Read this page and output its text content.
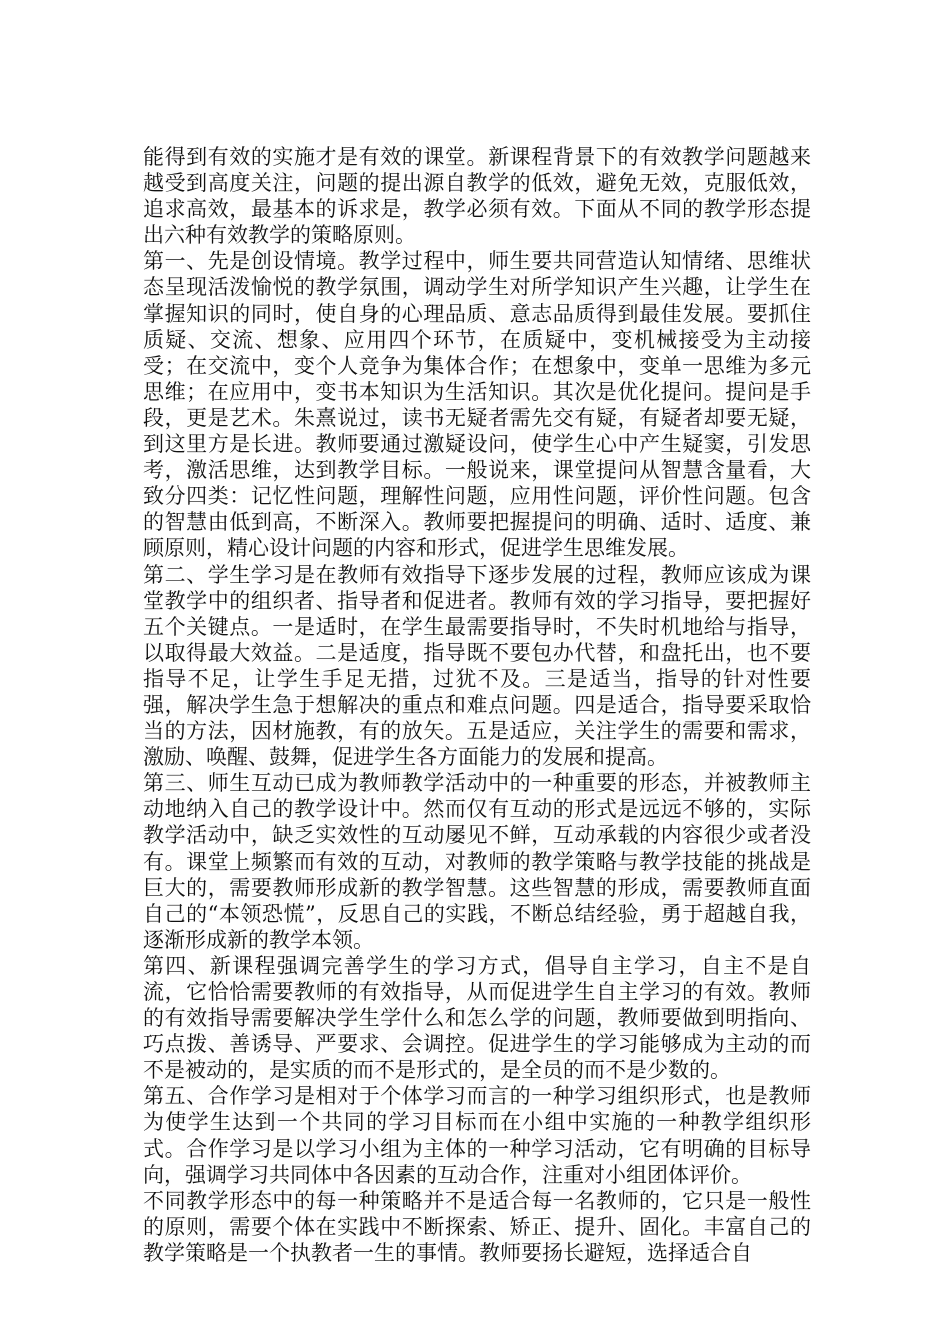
能得到有效的实施才是有效的课堂。新课程背景下的有效教学问题越来越受到高度关注，问题的提出源自教学的低效，避免无效，克服低效，追求高效，最基本的诉求是，教学必须有效。下面从不同的教学形态提出六种有效教学的策略原则。

第一、先是创设情境。教学过程中，师生要共同营造认知情绪、思维状态呈现活泼愉悦的教学氛围，调动学生对所学知识产生兴趣，让学生在掌握知识的同时，使自身的心理品质、意志品质得到最佳发展。要抓住质疑、交流、想象、应用四个环节，在质疑中，变机械接受为主动接受；在交流中，变个人竞争为集体合作；在想象中，变单一思维为多元思维；在应用中，变书本知识为生活知识。其次是优化提问。提问是手段，更是艺术。朱熹说过，读书无疑者需先交有疑，有疑者却要无疑，到这里方是长进。教师要通过激疑设问，使学生心中产生疑窦，引发思考，激活思维，达到教学目标。一般说来，课堂提问从智慧含量看，大致分四类：记忆性问题，理解性问题，应用性问题，评价性问题。包含的智慧由低到高，不断深入。教师要把握提问的明确、适时、适度、兼顾原则，精心设计问题的内容和形式，促进学生思维发展。

第二、学生学习是在教师有效指导下逐步发展的过程，教师应该成为课堂教学中的组织者、指导者和促进者。教师有效的学习指导，要把握好五个关键点。一是适时，在学生最需要指导时，不失时机地给与指导，以取得最大效益。二是适度，指导既不要包办代替，和盘托出，也不要指导不足，让学生手足无措，过犹不及。三是适当，指导的针对性要强，解决学生急于想解决的重点和难点问题。四是适合，指导要采取恰当的方法，因材施教，有的放矢。五是适应，关注学生的需要和需求，激励、唤醒、鼓舞，促进学生各方面能力的发展和提高。

第三、师生互动已成为教师教学活动中的一种重要的形态，并被教师主动地纳入自己的教学设计中。然而仅有互动的形式是远远不够的，实际教学活动中，缺乏实效性的互动屡见不鲜，互动承载的内容很少或者没有。课堂上频繁而有效的互动，对教师的教学策略与教学技能的挑战是巨大的，需要教师形成新的教学智慧。这些智慧的形成，需要教师直面自己的“本领恐慌”，反思自己的实践，不断总结经验，勇于超越自我，逐渐形成新的教学本领。

第四、新课程强调完善学生的学习方式，倡导自主学习，自主不是自流，它恰恰需要教师的有效指导，从而促进学生自主学习的有效。教师的有效指导需要解决学生学什么和怎么学的问题，教师要做到明指向、巧点拨、善诱导、严要求、会调控。促进学生的学习能够成为主动的而不是被动的，是实质的而不是形式的，是全员的而不是少数的。

第五、合作学习是相对于个体学习而言的一种学习组织形式，也是教师为使学生达到一个共同的学习目标而在小组中实施的一种教学组织形式。合作学习是以学习小组为主体的一种学习活动，它有明确的目标导向，强调学习共同体中各因素的互动合作，注重对小组团体评价。

不同教学形态中的每一种策略并不是适合每一名教师的，它只是一般性的原则，需要个体在实践中不断探索、矫正、提升、固化。丰富自己的教学策略是一个执教者一生的事情。教师要扬长避短，选择适合自
